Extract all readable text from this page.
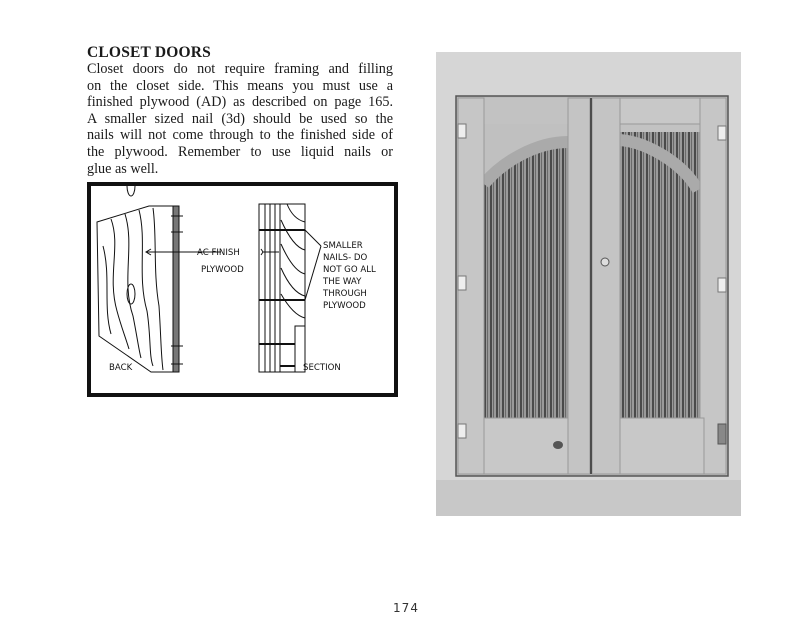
CLOSET DOORS
Closet doors do not require framing and filling
on the closet side. This means you must use a
finished plywood (AD) as described on page 165.
A smaller sized nail (3d) should be used so the
nails will not come through to the finished side of
the plywood. Remember to use liquid nails or
glue as well.
AC FINISH
PLYWOOD
BACK	SECTION
SMALLER
NAILS- DO
NOT GO ALL
THE WAY
THROUGH
PLYWOOD
174
